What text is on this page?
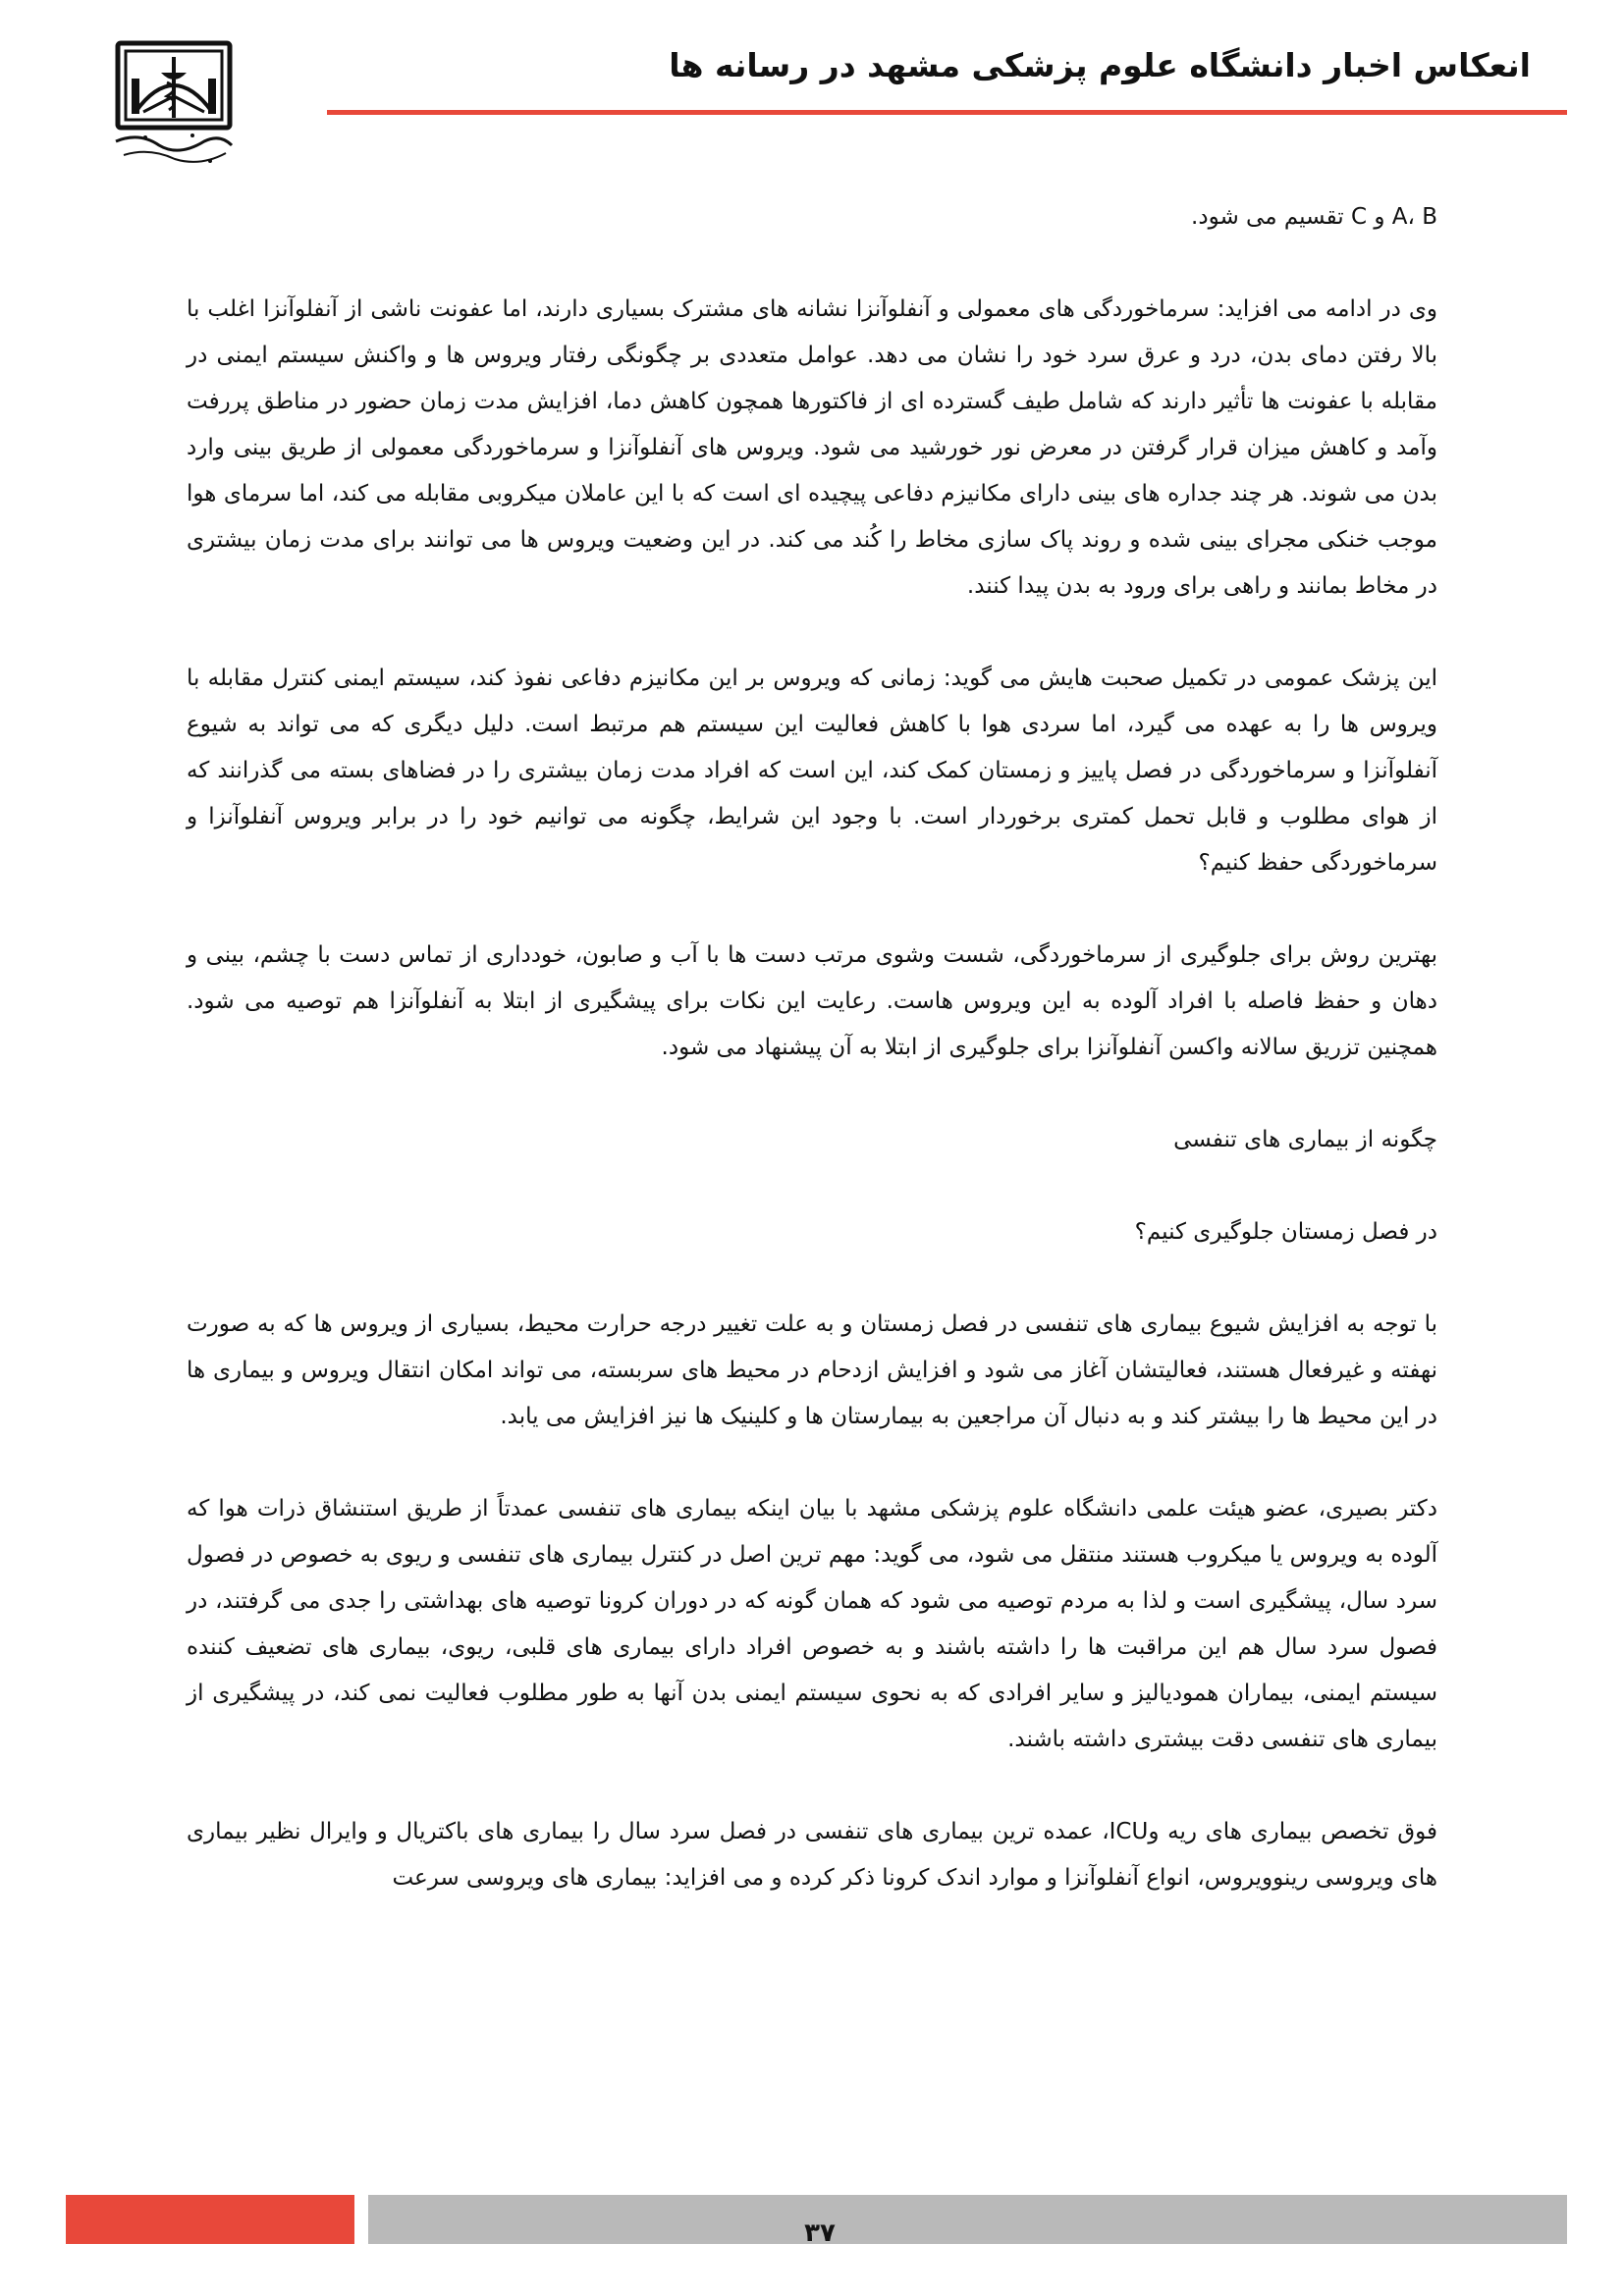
انعکاس اخبار دانشگاه علوم پزشکی مشهد در رسانه ها

A، B و C تقسیم می شود.

وی در ادامه می افزاید: سرماخوردگی های معمولی و آنفلوآنزا نشانه های مشترک بسیاری دارند، اما عفونت ناشی از آنفلوآنزا اغلب با بالا رفتن دمای بدن، درد و عرق سرد خود را نشان می دهد. عوامل متعددی بر چگونگی رفتار ویروس ها و واکنش سیستم ایمنی در مقابله با عفونت ها تأثیر دارند که شامل طیف گسترده ای از فاکتورها همچون کاهش دما، افزایش مدت زمان حضور در مناطق پررفت وآمد و کاهش میزان قرار گرفتن در معرض نور خورشید می شود. ویروس های آنفلوآنزا و سرماخوردگی معمولی از طریق بینی وارد بدن می شوند. هر چند جداره های بینی دارای مکانیزم دفاعی پیچیده ای است که با این عاملان میکروبی مقابله می کند، اما سرمای هوا موجب خنکی مجرای بینی شده و روند پاک سازی مخاط را کُند می کند. در این وضعیت ویروس ها می توانند برای مدت زمان بیشتری در مخاط بمانند و راهی برای ورود به بدن پیدا کنند.

این پزشک عمومی در تکمیل صحبت هایش می گوید: زمانی که ویروس بر این مکانیزم دفاعی نفوذ کند، سیستم ایمنی کنترل مقابله با ویروس ها را به عهده می گیرد، اما سردی هوا با کاهش فعالیت این سیستم هم مرتبط است. دلیل دیگری که می تواند به شیوع آنفلوآنزا و سرماخوردگی در فصل پاییز و زمستان کمک کند، این است که افراد مدت زمان بیشتری را در فضاهای بسته می گذرانند که از هوای مطلوب و قابل تحمل کمتری برخوردار است. با وجود این شرایط، چگونه می توانیم خود را در برابر ویروس آنفلوآنزا و سرماخوردگی حفظ کنیم؟

بهترین روش برای جلوگیری از سرماخوردگی، شست وشوی مرتب دست ها با آب و صابون، خودداری از تماس دست با چشم، بینی و دهان و حفظ فاصله با افراد آلوده به این ویروس هاست. رعایت این نکات برای پیشگیری از ابتلا به آنفلوآنزا هم توصیه می شود. همچنین تزریق سالانه واکسن آنفلوآنزا برای جلوگیری از ابتلا به آن پیشنهاد می شود.

چگونه از بیماری های تنفسی

در فصل زمستان جلوگیری کنیم؟

با توجه به افزایش شیوع بیماری های تنفسی در فصل زمستان و به علت تغییر درجه حرارت محیط، بسیاری از ویروس ها که به صورت نهفته و غیرفعال هستند، فعالیتشان آغاز می شود و افزایش ازدحام در محیط های سربسته، می تواند امکان انتقال ویروس و بیماری ها در این محیط ها را بیشتر کند و به دنبال آن مراجعین به بیمارستان ها و کلینیک ها نیز افزایش می یابد.

دکتر بصیری، عضو هیئت علمی دانشگاه علوم پزشکی مشهد با بیان اینکه بیماری های تنفسی عمدتاً از طریق استنشاق ذرات هوا که آلوده به ویروس یا میکروب هستند منتقل می شود، می گوید: مهم ترین اصل در کنترل بیماری های تنفسی و ریوی به خصوص در فصول سرد سال، پیشگیری است و لذا به مردم توصیه می شود که همان گونه که در دوران کرونا توصیه های بهداشتی را جدی می گرفتند، در فصول سرد سال هم این مراقبت ها را داشته باشند و به خصوص افراد دارای بیماری های قلبی، ریوی، بیماری های تضعیف کننده سیستم ایمنی، بیماران همودیالیز و سایر افرادی که به نحوی سیستم ایمنی بدن آنها به طور مطلوب فعالیت نمی کند، در پیشگیری از بیماری های تنفسی دقت بیشتری داشته باشند.

فوق تخصص بیماری های ریه وICU، عمده ترین بیماری های تنفسی در فصل سرد سال را بیماری های باکتریال و وایرال نظیر بیماری های ویروسی رینوویروس، انواع آنفلوآنزا و موارد اندک کرونا ذکر کرده و می افزاید: بیماری های ویروسی سرعت

۳۷
